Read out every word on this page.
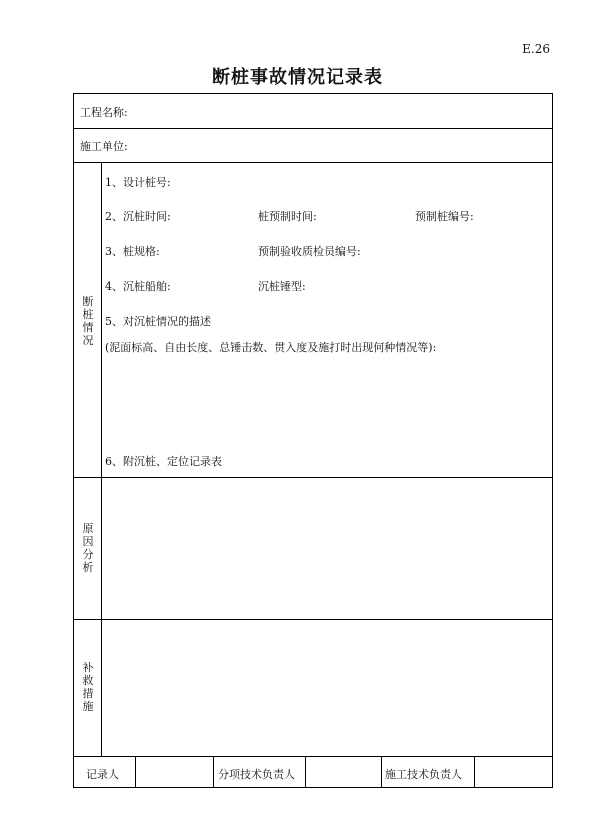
E.26
断桩事故情况记录表
工程名称:
施工单位:
断桩情况
1、设计桩号:
2、沉桩时间:	桩预制时间:	预制桩编号:
3、桩规格:	预制验收质检员编号:
4、沉桩船舶:	沉桩锤型:
5、对沉桩情况的描述
(泥面标高、自由长度、总锤击数、贯入度及施打时出现何种情况等):
6、附沉桩、定位记录表
原因分析
补救措施
记录人	分项技术负责人	施工技术负责人
